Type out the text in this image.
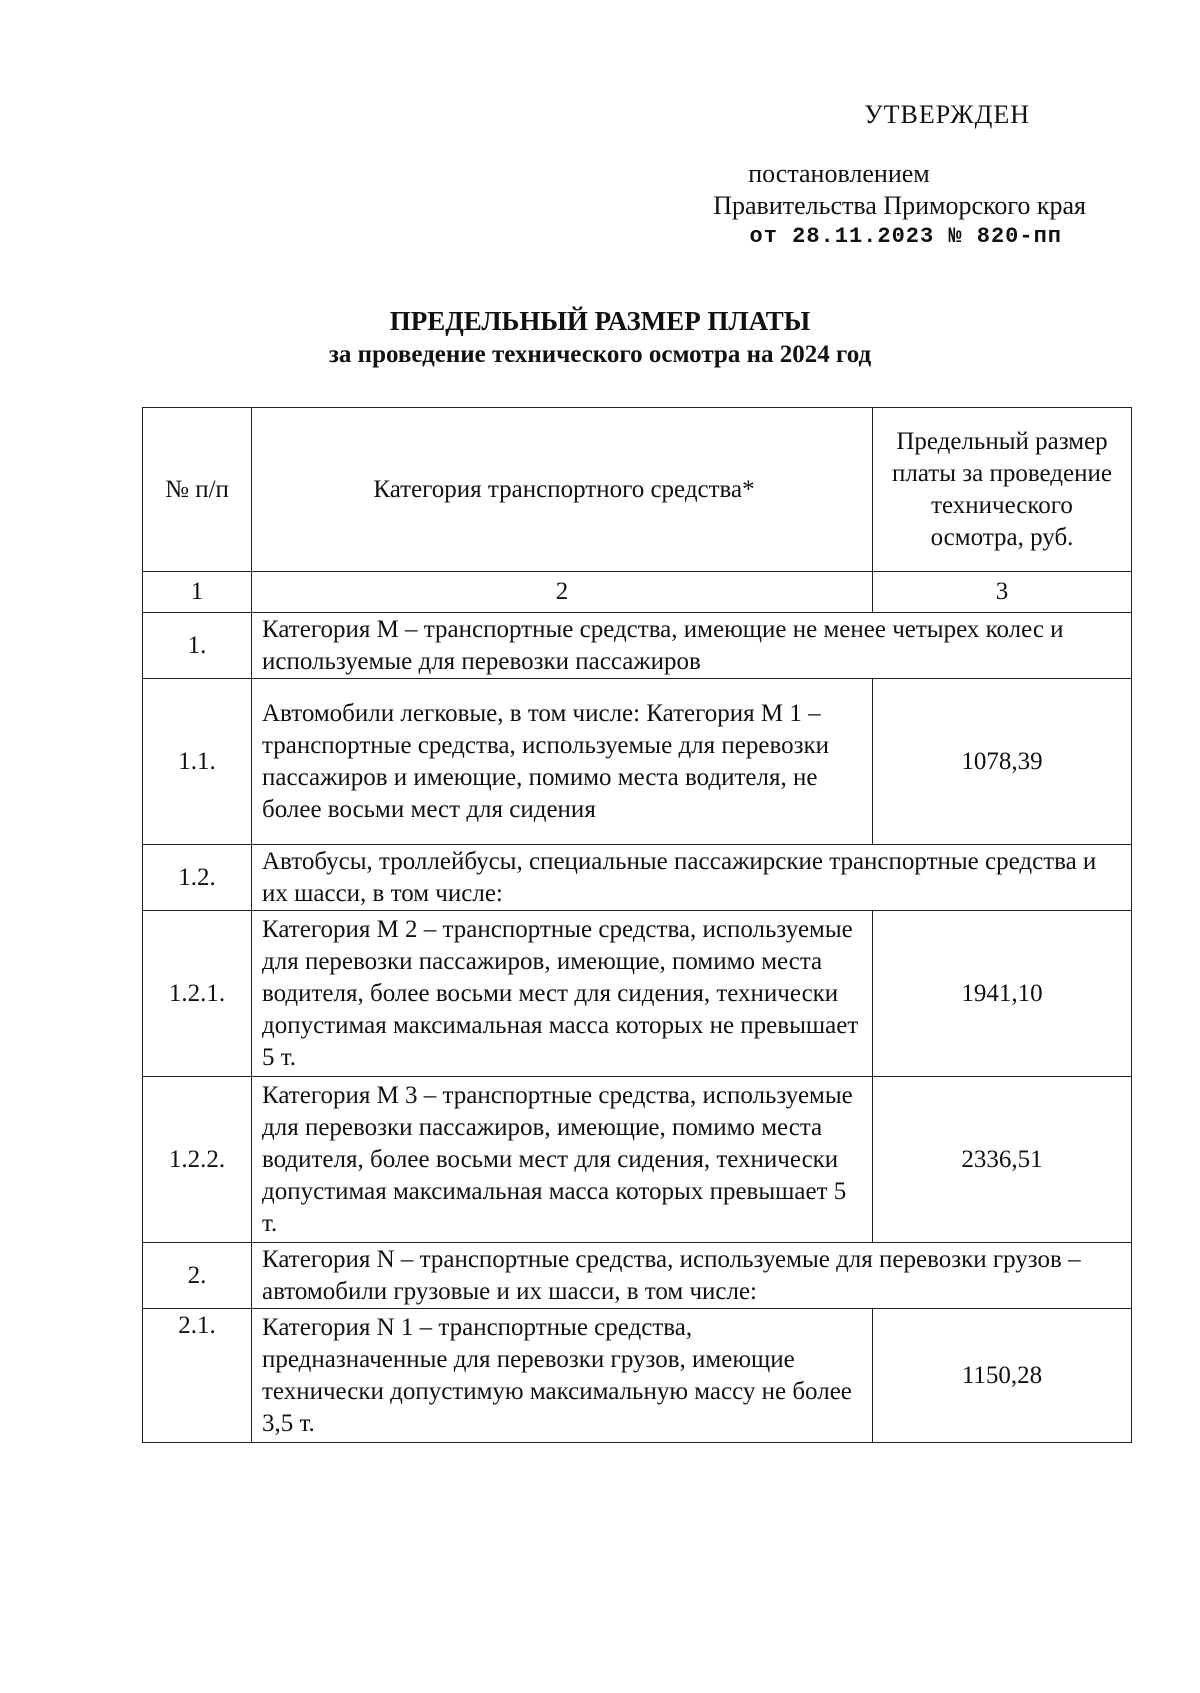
УТВЕРЖДЕН
постановлением
Правительства Приморского края
от 28.11.2023 № 820-пп
ПРЕДЕЛЬНЫЙ РАЗМЕР ПЛАТЫ
за проведение технического осмотра на 2024 год
№ п/п	Категория транспортного средства*	Предельный размер платы за проведение технического осмотра, руб.
1	2	3
1.	Категория М – транспортные средства, имеющие не менее четырех колес и используемые для перевозки пассажиров	
1.1.	Автомобили легковые, в том числе: Категория М 1 – транспортные средства, используемые для перевозки пассажиров и имеющие, помимо места водителя, не более восьми мест для сидения	1078,39
1.2.	Автобусы, троллейбусы, специальные пассажирские транспортные средства и их шасси, в том числе:	
1.2.1.	Категория М 2 – транспортные средства, используемые для перевозки пассажиров, имеющие, помимо места водителя, более восьми мест для сидения, технически допустимая максимальная масса которых не превышает 5 т.	1941,10
1.2.2.	Категория М 3 – транспортные средства, используемые для перевозки пассажиров, имеющие, помимо места водителя, более восьми мест для сидения, технически допустимая максимальная масса которых превышает 5 т.	2336,51
2.	Категория N – транспортные средства, используемые для перевозки грузов – автомобили грузовые и их шасси, в том числе:	
2.1.	Категория N 1 – транспортные средства, предназначенные для перевозки грузов, имеющие технически допустимую максимальную массу не более 3,5 т.	1150,28
